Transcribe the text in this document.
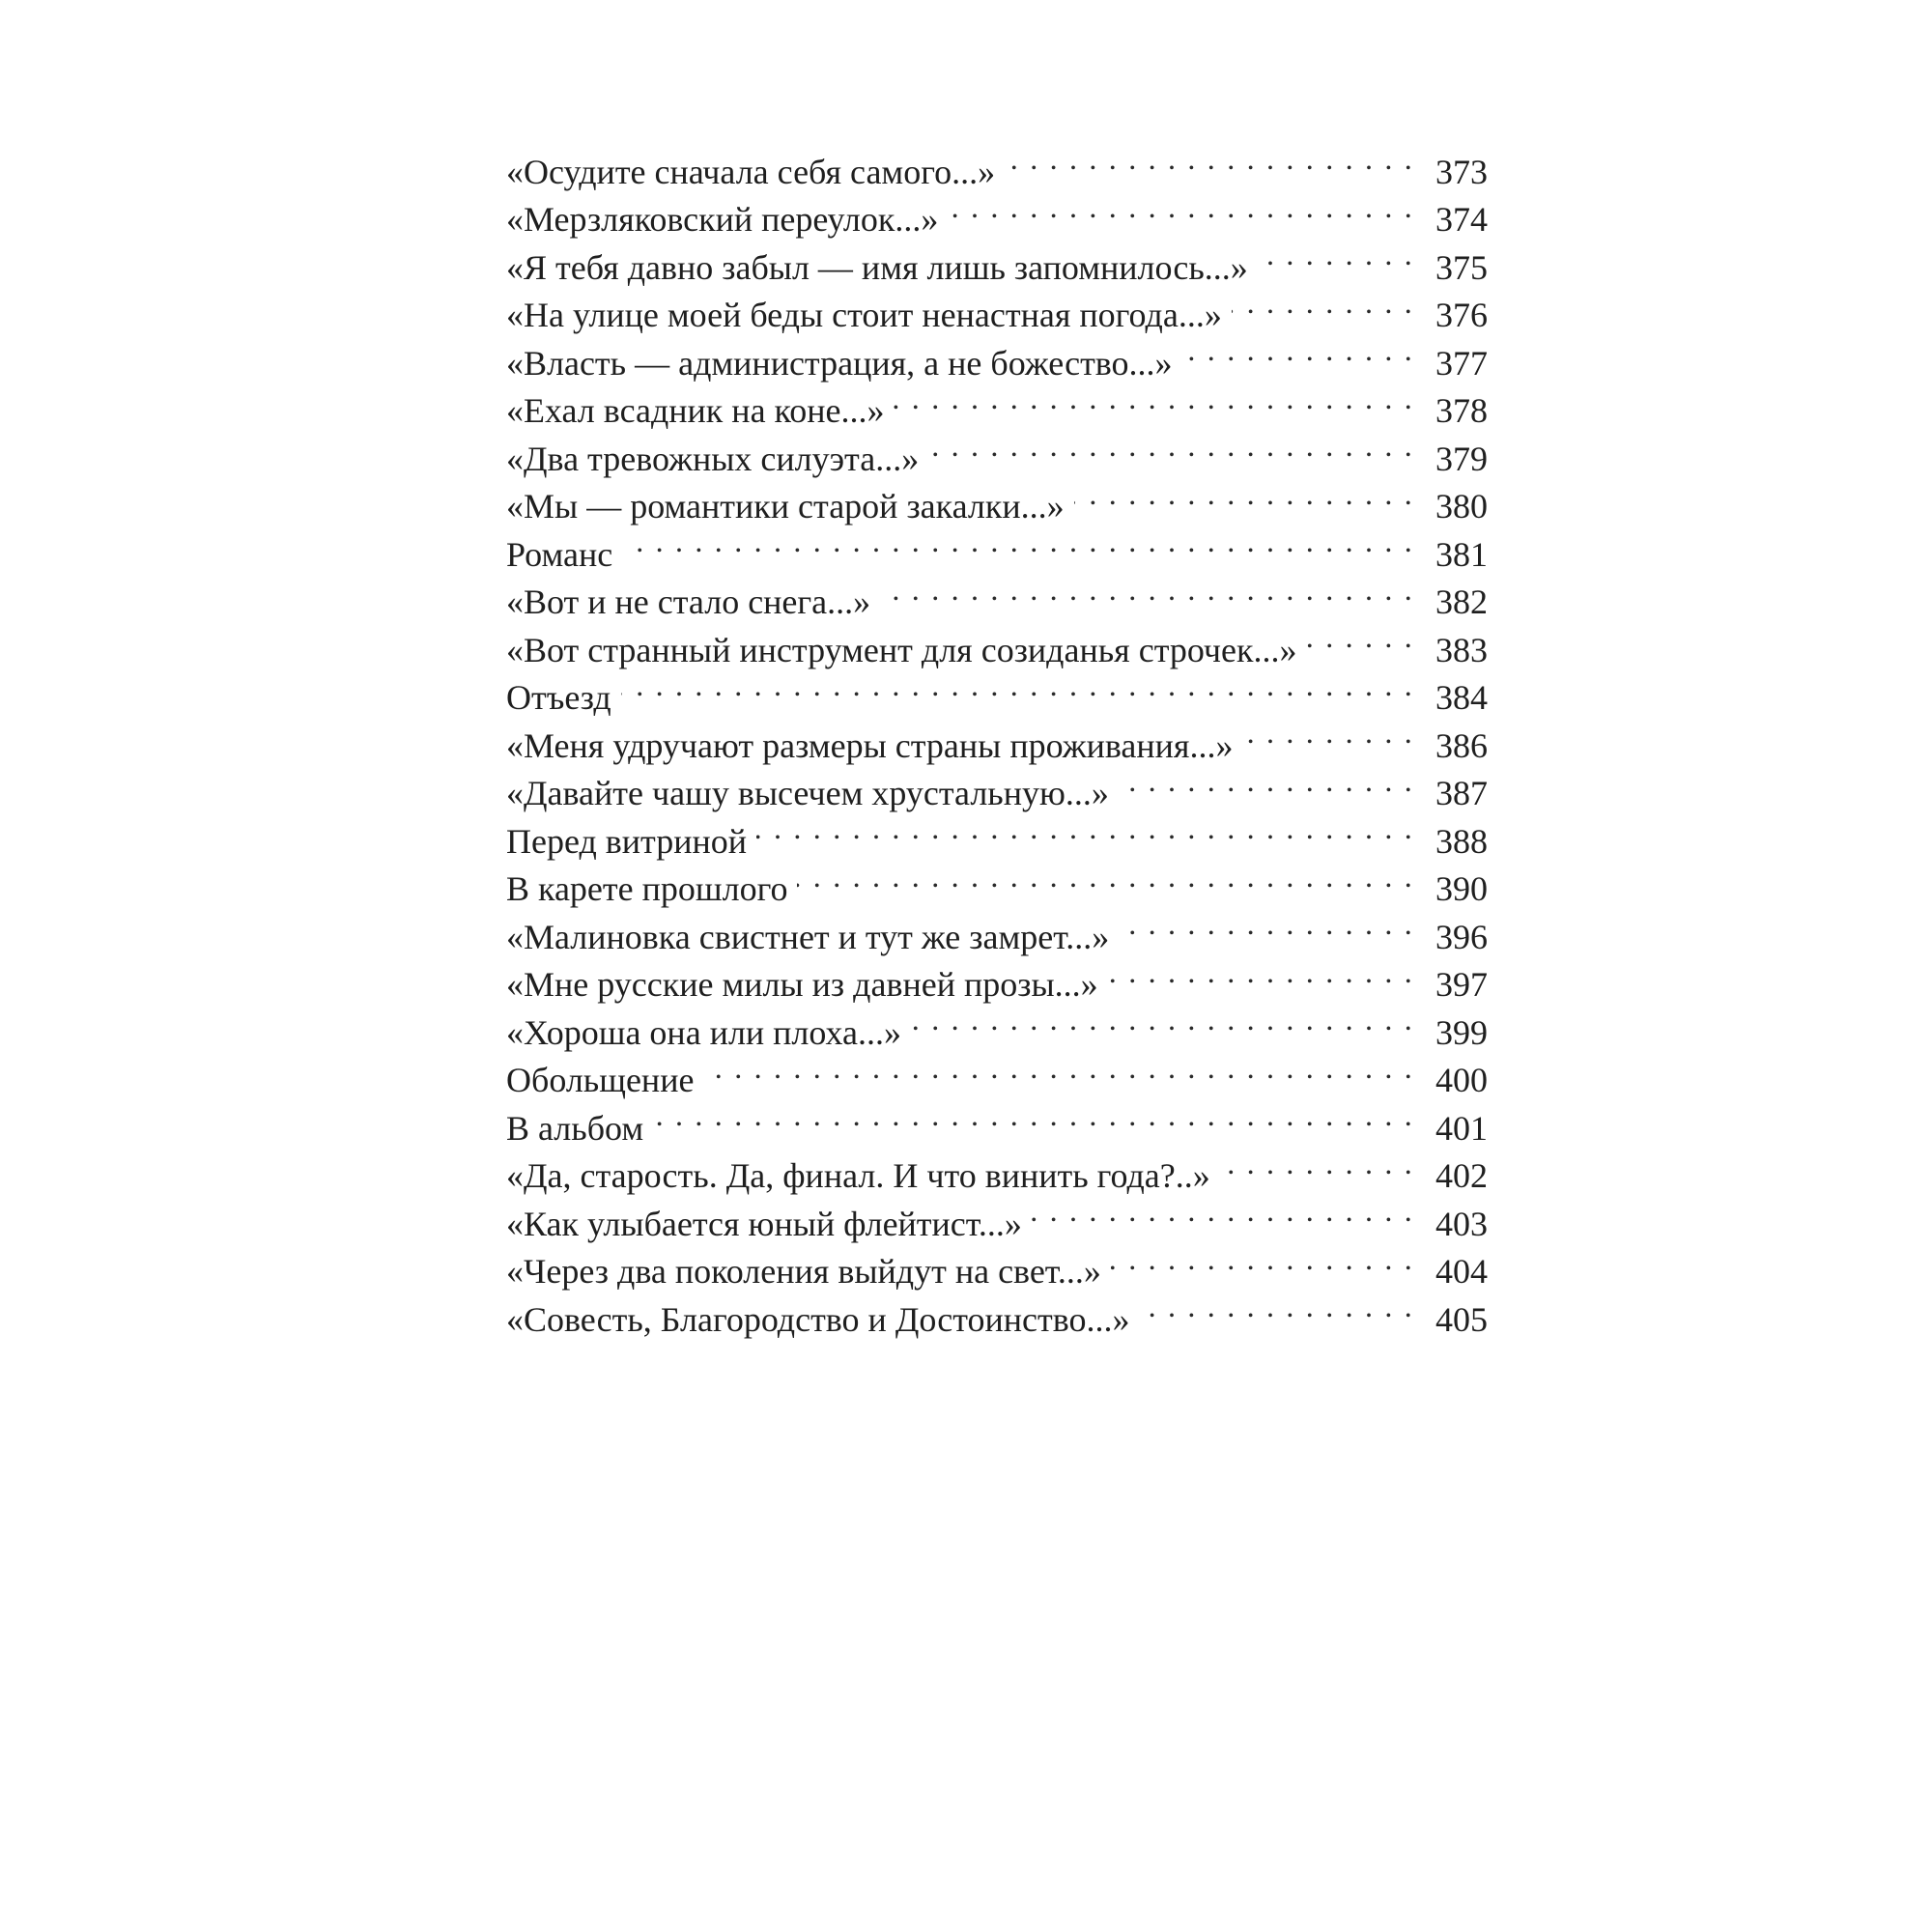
«Осудите сначала себя самого...» . . .	373
«Мерзляковский переулок...» . . .	374
«Я тебя давно забыл — имя лишь запомнилось...» . . .	375
«На улице моей беды стоит ненастная погода...» . . .	376
«Власть — администрация, а не божество...» . . .	377
«Ехал всадник на коне...» . . .	378
«Два тревожных силуэта...» . . .	379
«Мы — романтики старой закалки...» . . .	380
Романс . . .	381
«Вот и не стало снега...» . . .	382
«Вот странный инструмент для созиданья строчек...» . . .	383
Отъезд . . .	384
«Меня удручают размеры страны проживания...» . . .	386
«Давайте чашу высечем хрустальную...» . . .	387
Перед витриной . . .	388
В карете прошлого . . .	390
«Малиновка свистнет и тут же замрет...» . . .	396
«Мне русские милы из давней прозы...» . . .	397
«Хороша она или плоха...» . . .	399
Обольщение . . .	400
В альбом . . .	401
«Да, старость. Да, финал. И что винить года?..» . . .	402
«Как улыбается юный флейтист...» . . .	403
«Через два поколения выйдут на свет...» . . .	404
«Совесть, Благородство и Достоинство...» . . .	405
